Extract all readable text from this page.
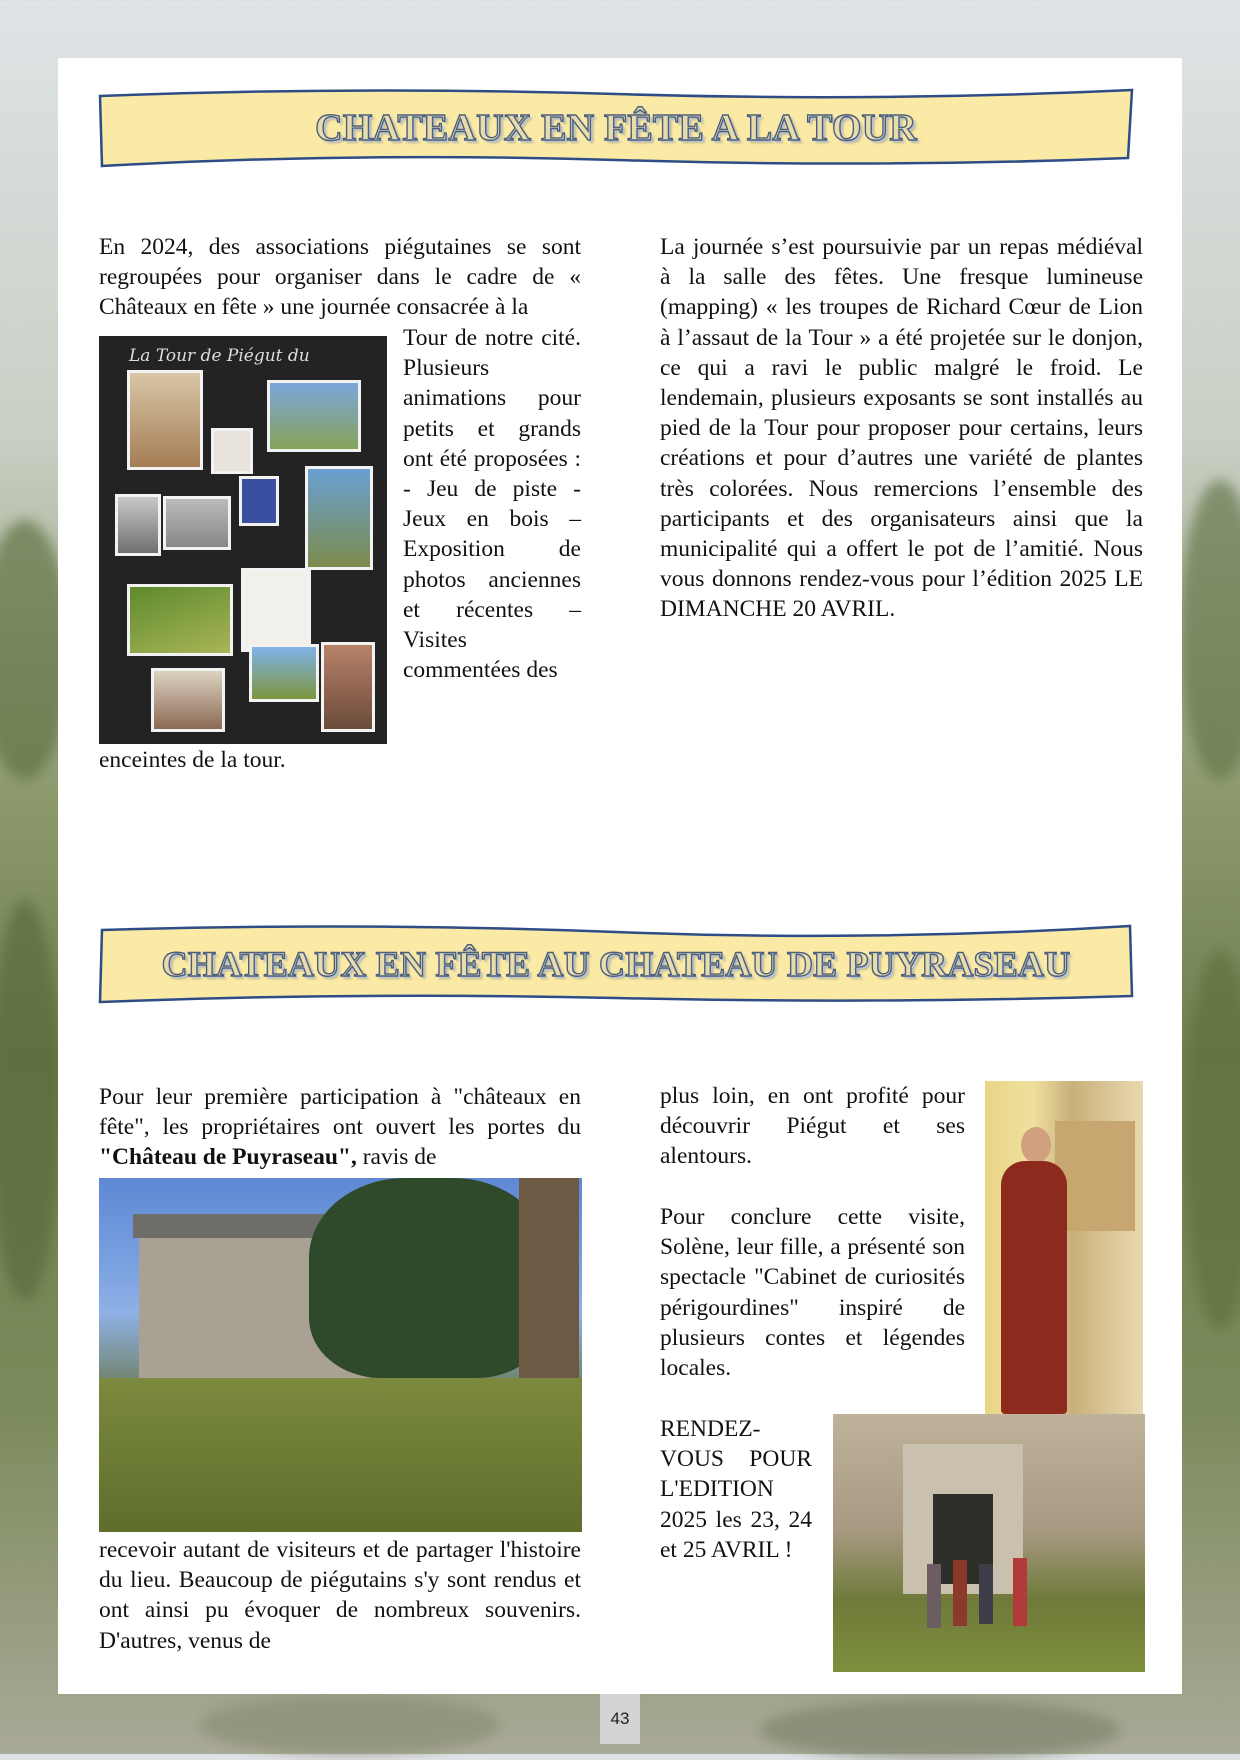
CHATEAUX EN FÊTE A LA TOUR
En 2024, des associations piégutaines se sont regroupées pour organiser dans le cadre de « Châteaux en fête » une journée consacrée à la
La Tour de Piégut du
Tour de notre cité. Plusieurs animations pour petits et grands ont été proposées : - Jeu de piste - Jeux en bois – Exposition de photos anciennes et récentes – Visites commentées des
enceintes de la tour.
La journée s’est poursuivie par un repas médiéval à la salle des fêtes. Une fresque lumineuse (mapping) « les troupes de Richard Cœur de Lion à l’assaut de la Tour » a été projetée sur le donjon, ce qui a ravi le public malgré le froid. Le lendemain, plusieurs exposants se sont installés au pied de la Tour pour proposer pour certains, leurs créations et pour d’autres une variété de plantes très colorées. Nous remercions l’ensemble des participants et des organisateurs ainsi que la municipalité qui a offert le pot de l’amitié. Nous vous donnons rendez-vous pour l’édition 2025 LE DIMANCHE 20 AVRIL.
CHATEAUX EN FÊTE AU CHATEAU DE PUYRASEAU
Pour leur première participation à "châteaux en fête", les propriétaires ont ouvert les portes du "Château de Puyraseau", ravis de
recevoir autant de visiteurs et de partager l'histoire du lieu. Beaucoup de piégutains s'y sont rendus et ont ainsi pu évoquer de nombreux souvenirs. D'autres, venus de
plus loin, en ont profité pour découvrir Piégut et ses alentours.
Pour conclure cette visite, Solène, leur fille, a présenté son spectacle "Cabinet de curiosités périgourdines" inspiré de plusieurs contes et légendes locales.
RENDEZ-VOUS POUR L'EDITION 2025 les 23, 24 et 25 AVRIL !
43
